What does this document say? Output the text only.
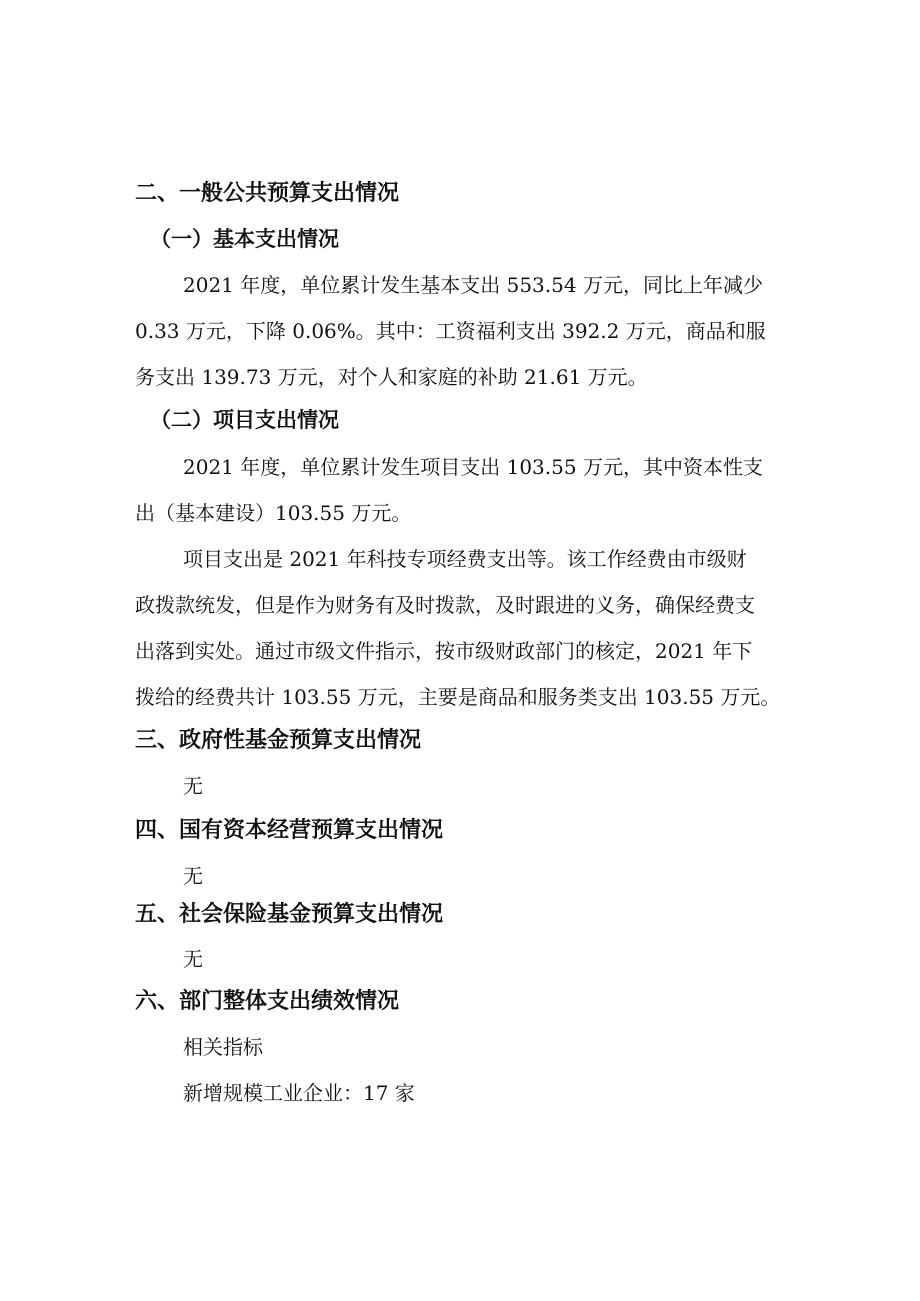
二、一般公共预算支出情况
（一）基本支出情况
2021 年度，单位累计发生基本支出 553.54 万元，同比上年减少
0.33 万元，下降 0.06%。其中：工资福利支出 392.2 万元，商品和服
务支出 139.73 万元，对个人和家庭的补助 21.61 万元。
（二）项目支出情况
2021 年度，单位累计发生项目支出 103.55 万元，其中资本性支
出（基本建设）103.55 万元。
项目支出是 2021 年科技专项经费支出等。该工作经费由市级财
政拨款统发，但是作为财务有及时拨款，及时跟进的义务，确保经费支
出落到实处。通过市级文件指示，按市级财政部门的核定，2021 年下
拨给的经费共计 103.55 万元，主要是商品和服务类支出 103.55 万元。
三、政府性基金预算支出情况
无
四、国有资本经营预算支出情况
无
五、社会保险基金预算支出情况
无
六、部门整体支出绩效情况
相关指标
新增规模工业企业：17 家
